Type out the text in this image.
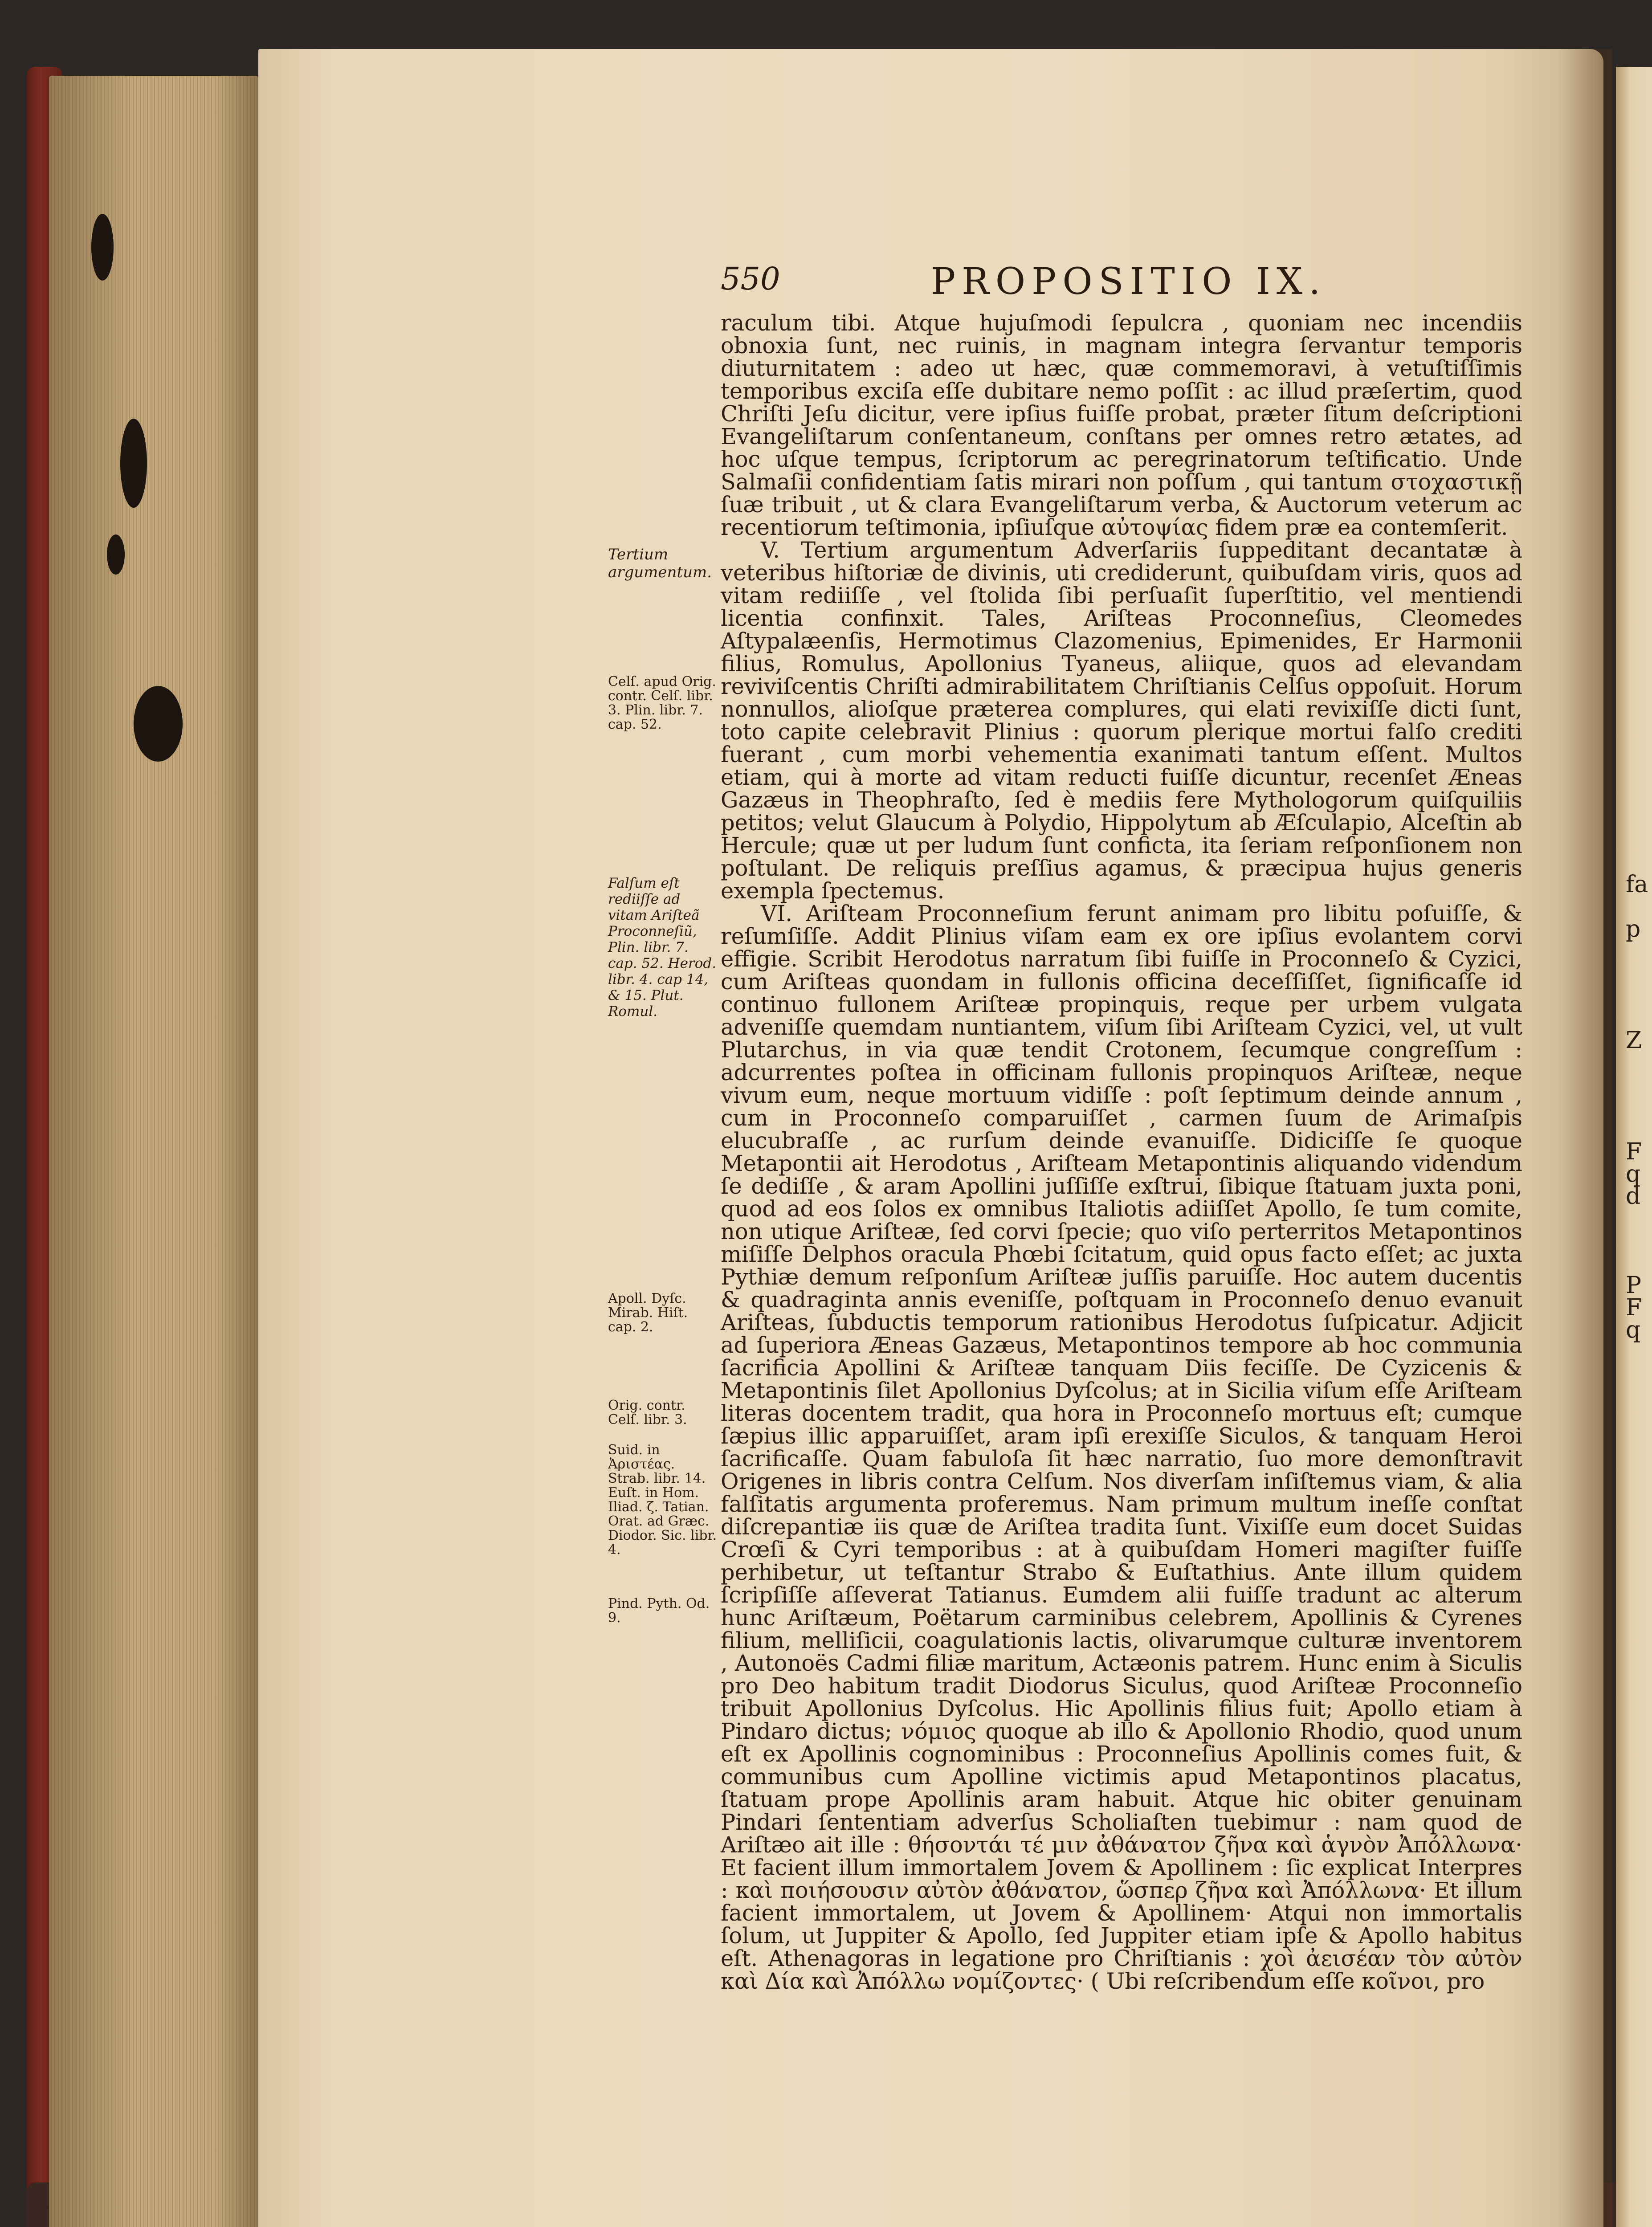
fa
p
Z
F
q
d
P
F
q
550	PROPOSITIO IX.

raculum tibi. Atque hujuſmodi ſepulcra , quoniam nec incendiis obnoxia ſunt, nec ruinis, in magnam integra ſervantur temporis diuturnitatem : adeo ut hæc, quæ commemoravi, à vetuſtiſſimis temporibus exciſa eſſe dubitare nemo poſſit : ac illud præſertim, quod Chriſti Jeſu dicitur, vere ipſius fuiſſe probat, præter ſitum deſcriptioni Evangeliſtarum conſentaneum, conſtans per omnes retro ætates, ad hoc uſque tempus, ſcriptorum ac peregrinatorum teſtificatio. Unde Salmaſii confidentiam ſatis mirari non poſſum , qui tantum στοχαστικῇ ſuæ tribuit , ut & clara Evangeliſtarum verba, & Auctorum veterum ac recentiorum teſtimonia, ipſiuſque αὐτοψίας fidem præ ea contemſerit.

V. Tertium argumentum Adverſariis ſuppeditant decantatæ à veteribus hiſtoriæ de divinis, uti crediderunt, quibuſdam viris, quos ad vitam rediiſſe , vel ſtolida ſibi perſuaſit ſuperſtitio, vel mentiendi licentia confinxit. Tales, Ariſteas Proconneſius, Cleomedes Aſtypalæenſis, Hermotimus Clazomenius, Epimenides, Er Harmonii filius, Romulus, Apollonius Tyaneus, aliique, quos ad elevandam reviviſcentis Chriſti admirabilitatem Chriſtianis Celſus oppoſuit. Horum nonnullos, alioſque præterea complures, qui elati revixiſſe dicti ſunt, toto capite celebravit Plinius : quorum plerique mortui falſo crediti fuerant , cum morbi vehementia exanimati tantum eſſent. Multos etiam, qui à morte ad vitam reducti fuiſſe dicuntur, recenſet Æneas Gazæus in Theophraſto, ſed è mediis fere Mythologorum quiſquiliis petitos; velut Glaucum à Polydio, Hippolytum ab Æſculapio, Alceſtin ab Hercule; quæ ut per ludum ſunt conficta, ita ſeriam reſponſionem non poſtulant. De reliquis preſſius agamus, & præcipua hujus generis exempla ſpectemus.

VI. Ariſteam Proconneſium ferunt animam pro libitu poſuiſſe, & reſumſiſſe. Addit Plinius viſam eam ex ore ipſius evolantem corvi effigie. Scribit Herodotus narratum ſibi fuiſſe in Proconneſo & Cyzici, cum Ariſteas quondam in fullonis officina deceſſiſſet, ſignificaſſe id continuo fullonem Ariſteæ propinquis, reque per urbem vulgata adveniſſe quemdam nuntiantem, viſum ſibi Ariſteam Cyzici, vel, ut vult Plutarchus, in via quæ tendit Crotonem, ſecumque congreſſum : adcurrentes poſtea in officinam fullonis propinquos Ariſteæ, neque vivum eum, neque mortuum vidiſſe : poſt ſeptimum deinde annum , cum in Proconneſo comparuiſſet , carmen ſuum de Arimaſpis elucubraſſe , ac rurſum deinde evanuiſſe. Didiciſſe ſe quoque Metapontii ait Herodotus , Ariſteam Metapontinis aliquando videndum ſe dediſſe , & aram Apollini juſſiſſe exſtrui, ſibique ſtatuam juxta poni, quod ad eos ſolos ex omnibus Italiotis adiiſſet Apollo, ſe tum comite, non utique Ariſteæ, ſed corvi ſpecie; quo viſo perterritos Metapontinos miſiſſe Delphos oracula Phœbi ſcitatum, quid opus facto eſſet; ac juxta Pythiæ demum reſponſum Ariſteæ juſſis paruiſſe. Hoc autem ducentis & quadraginta annis eveniſſe, poſtquam in Proconneſo denuo evanuit Ariſteas, ſubductis temporum rationibus Herodotus ſuſpicatur. Adjicit ad ſuperiora Æneas Gazæus, Metapontinos tempore ab hoc communia ſacrificia Apollini & Ariſteæ tanquam Diis feciſſe. De Cyzicenis & Metapontinis ſilet Apollonius Dyſcolus; at in Sicilia viſum eſſe Ariſteam literas docentem tradit, qua hora in Proconneſo mortuus eſt; cumque ſæpius illic apparuiſſet, aram ipſi erexiſſe Siculos, & tanquam Heroi ſacrificaſſe. Quam fabuloſa ſit hæc narratio, ſuo more demonſtravit Origenes in libris contra Celſum. Nos diverſam inſiſtemus viam, & alia falſitatis argumenta proferemus. Nam primum multum ineſſe conſtat diſcrepantiæ iis quæ de Ariſtea tradita ſunt. Vixiſſe eum docet Suidas Crœſi & Cyri temporibus : at à quibuſdam Homeri magiſter fuiſſe perhibetur, ut teſtantur Strabo & Euſtathius. Ante illum quidem ſcripſiſſe aſſeverat Tatianus. Eumdem alii fuiſſe tradunt ac alterum hunc Ariſtæum, Poëtarum carminibus celebrem, Apollinis & Cyrenes filium, melliſicii, coagulationis lactis, olivarumque culturæ inventorem , Autonoës Cadmi filiæ maritum, Actæonis patrem. Hunc enim à Siculis pro Deo habitum tradit Diodorus Siculus, quod Ariſteæ Proconneſio tribuit Apollonius Dyſcolus. Hic Apollinis filius fuit; Apollo etiam à Pindaro dictus; νόμιος quoque ab illo & Apollonio Rhodio, quod unum eſt ex Apollinis cognominibus : Proconneſius Apollinis comes fuit, & communibus cum Apolline victimis apud Metapontinos placatus, ſtatuam prope Apollinis aram habuit. Atque hic obiter genuinam Pindari ſententiam adverſus Scholiaſten tuebimur : nam quod de Ariſtæo ait ille : θήσοντάι τέ μιν ἀθάνατον ζῆνα καὶ ἁγνὸν Ἀπόλλωνα· Et facient illum immortalem Jovem & Apollinem : ſic explicat Interpres : καὶ ποιήσουσιν αὐτὸν ἀθάνατον, ὥσπερ ζῆνα καὶ Ἀπόλλωνα· Et illum facient immortalem, ut Jovem & Apollinem· Atqui non immortalis ſolum, ut Juppiter & Apollo, ſed Juppiter etiam ipſe & Apollo habitus eſt. Athenagoras in legatione pro Chriſtianis : χοὶ ἀεισέαν τὸν αὐτὸν καὶ Δία καὶ Ἀπόλλω νομίζοντες· ( Ubi reſcribendum eſſe κοῖνοι, pro

Tertium argumentum.
Celſ. apud Orig. contr. Celſ. libr. 3. Plin. libr. 7. cap. 52.
Falſum eſt rediiſſe ad vitam Ariſteã Proconneſiũ, Plin. libr. 7. cap. 52. Herod. libr. 4. cap 14, & 15. Plut. Romul.
Apoll. Dyſc. Mirab. Hiſt. cap. 2.
Orig. contr. Celſ. libr. 3.
Suid. in Ἀριστέας. Strab. libr. 14. Euſt. in Hom. Iliad. ζ. Tatian. Orat. ad Græc. Diodor. Sic. libr. 4.
Pind. Pyth. Od. 9.
